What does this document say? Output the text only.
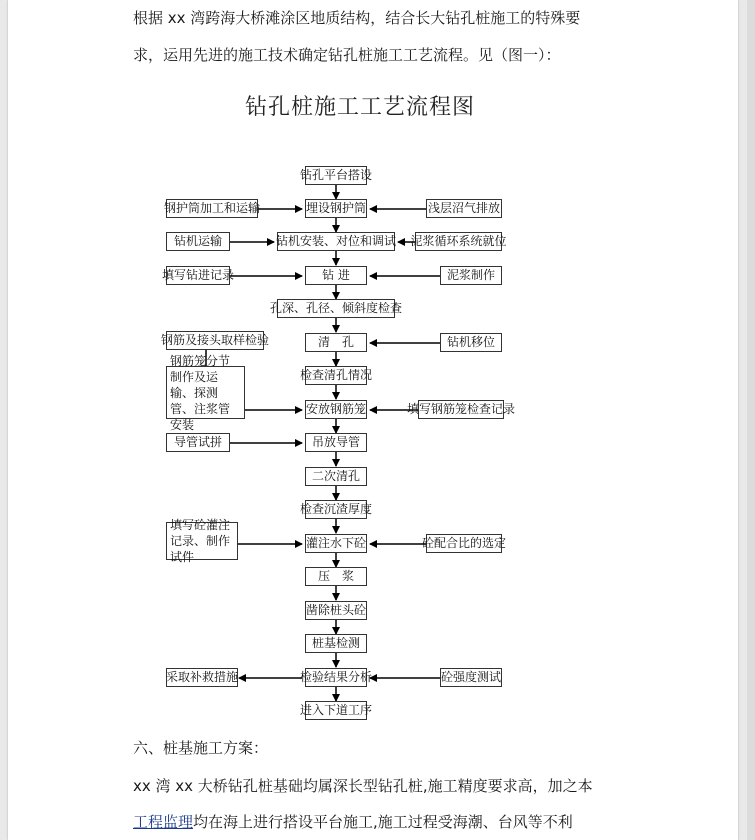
根据 xx 湾跨海大桥滩涂区地质结构，结合长大钻孔桩施工的特殊要
求，运用先进的施工技术确定钻孔桩施工工艺流程。见（图一）：
钻孔桩施工工艺流程图
钻孔平台搭设
埋设钢护筒
钻机安装、对位和调试
钻 进
孔深、孔径、倾斜度检查
清　孔
检查清孔情况
安放钢筋笼
吊放导管
二次清孔
检查沉渣厚度
灌注水下砼
压　浆
凿除桩头砼
桩基检测
检验结果分析
进入下道工序
钢护筒加工和运输
钻机运输
填写钻进记录
钢筋及接头取样检验
钢筋笼分节制作及运输、探测管、注浆管安装
导管试拼
填写砼灌注记录、制作试件
采取补救措施
浅层沼气排放
泥浆循环系统就位
泥浆制作
钻机移位
填写钢筋笼检查记录
砼配合比的选定
砼强度测试
六、桩基施工方案：
xx 湾 xx 大桥钻孔桩基础均属深长型钻孔桩,施工精度要求高，加之本
工程监理均在海上进行搭设平台施工,施工过程受海潮、台风等不利
